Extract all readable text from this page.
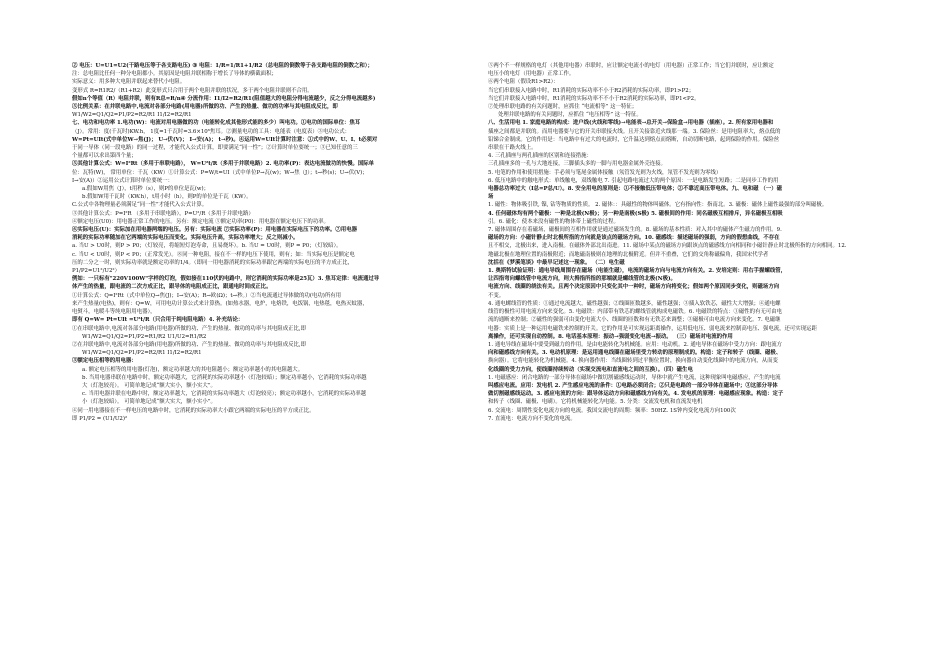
② 电压：U=U1=U2(干路电压等于各支路电压) ③ 电阻：1/R=1/R1+1/R2（总电阻的倒数等于各支路电阻的倒数之和）；
注：总电阻比任何一种分电阻都小。其原因是电阻并联相称于增长了导体的横截面积；
实际意义：用多种大电阻并联起来替代小电阻。
变形式 R=R1R2/（R1+R2）此变形式只合用于两个电阻并联的状况，多于两个电阻并联则不合用。
假如n个等值（R）电阻并联，则有R总=R/n④ 分流作用：I1/I2=R2/R1(阻值越大的电阻分得电流越少，反之分得电流越多)
⑤比例关系：在并联电路中,电流对各部分电路(用电器)所做的功、产生的热量、做功的功率与其电阻成反比，即
W1/W2=Q1/Q2=P1/P2=R2/R1 I1/I2=R2/R1
七、电功和电功率 1.电功(W)：电流对用电器做的功（电能转化成其他形式能的多少）叫电功。①电功的国际单位：焦耳
（J）。常用：度(千瓦时)KW.h， 1度=1千瓦时=3.6×10⁶焦耳。②测量电功的工具：电能表（电度表）③电功公式：
W=Pt=UIt(式中单位W→焦(J)； U→伏(V)； I→安(A)； t→秒)。④运用W=UIt计算时注意：①式中的W、U、I、t必须对
于同一导体（同一段电路）的同一过程，才能代入公式计算，即要满足“同一性”；②计算时单位要统一；③已知任意的三
个量都可以求出第四个量；
⑤其他计算公式：W=I²Rt（多用于串联电路）， W=U²t/R（多用于并联电路）2. 电功率(P)：表达电流做功的快慢。国际单
位：瓦特(W)， 常用单位：千瓦（KW）①计算公式：P=W/t=UI（式中单位P→瓦(w)；W→焦（J）；t→秒(s)；U→伏(V)；
I→安(A)）②运用公式计算时单位要统一：
a.假如W用焦（J），t用秒（s），则P的单位是瓦(w)；
b.假如W用千瓦时（KW.h），t用小时（h），则P的单位是千瓦（KW）。
C.公式中各物理量必须满足“同一性”才能代入公式计算。
③其他计算公式：P=I²R （多用于串联电路），P=U²/R（多用于并联电路）
④额定电压(U0)：用电器正常工作的电压。另有：额定电流 ⑤额定功率(P0)：用电器在额定电压下的功率。
⑥实际电压(U)：实际加在用电器两端的电压。另有：实际电流 ⑦实际功率(P)：用电器在实际电压下的功率。⑦用电器
消耗的实际功率随加在它两端的实际电压而变化。实际电压升高，实际功率增大；反之则减小。
a. 当U > U0时，则P > P0；（灯较亮，将缩短灯泡寿命，且易烧坏）。b. 当U = U0时，则P = P0；（灯较暗）。
c. 当U < U0时，则P < P0；（正常发光）。⑧同一种电阻，接在不一样的电压下使用，则有；如：当实际电压是额定电
压的二分之一时，则实际功率就是额定功率的1/4。（即同一用电器消耗的实际功率跟它两端的实际电压的平方成正比，
P1/P2=U1²/U2²）
例如：一只标有"220V100W"字样的灯泡，假如接在110伏的电路中，则它消耗的实际功率是25瓦）3. 焦耳定律：电流通过导
体产生的热量，跟电流的二次方成正比，跟导体的电阻成正比，跟通电时间成正比。
①计算公式：Q=I²Rt（式中单位Q→焦(J)；I→安(A)；R→欧(Ω)；t→秒。）②当电流通过导体做的功(电功)所有用
来产生热量(电热)，则有：Q=W，可用电功计算公式来计算热。(如热水器，电炉，电烙铁，电饭锅，电热毯，电热灭蚊器，
电熨斗，电暖斗等纯电阻用电器），
即有 Q=W= Pt=UIt =U²t/R（只合用于纯电阻电路）4. 补充结论：
①在串联电路中,电流对各部分电路(用电器)所做的功、产生的热量、做功的功率与其电阻成正比,即
W1/W2=Q1/Q2=P1/P2=R1/R2 U1/U2=R1/R2
②在并联电路中,电流对各部分电路(用电器)所做的功、产生的热量、做功的功率与其电阻成反比,即
W1/W2=Q1/Q2=P1/P2=R2/R1 I1/I2=R2/R1
③额定电压相等的用电器：
a. 额定电压相等的用电器(灯泡)，额定功率越大的其电阻越小；额定功率越小的其电阻越大。
b. 当用电器串联在电路中时，额定功率越大，它消耗的实际功率越小（灯泡较暗）；额定功率越小，它消耗的实际功率越
大（灯泡较亮）。 可简单地记成“额大实小，额小实大”。
c. 当用电器并联在电路中时，额定功率越大，它消耗的实际功率越大（灯泡较亮）；额定功率越小，它消耗的实际功率越
小（灯泡较暗）。 可简单地记成“额大实大，额小实小”。
④同一用电器接在不一样电压的电路中时，它消耗的实际功率大小跟它两端的实际电压的平方成正比。
即 P1/P2 = (U1/U2)²
⑤两个不一样规格的电灯（其他用电器）串联时，应让额定电流小的电灯（用电器）正常工作；当它们并联时，应让额定
电压小的电灯（用电器）正常工作。
⑥两个电阻（假设R1>R2）：
当它们串联接入电路中时，R1消耗的实际功率不小于R2消耗的实际功率，即P1>P2；
当它们并联接入电路中时，R1消耗的实际功率不不小于R2消耗的实际功率，即P1<P2。
⑦处理串联电路的有关问题时，应抓住 “电流相等” 这一特征；
处理并联电路的有关问题时，应抓住 “电压相等” 这一特征。
八、生活用电 1. 家庭电路的构成：进户线(火线和零线)→电能表→总开关→保险盒→用电器（插座）。2. 所有家用电器和
插座之间都是并联的。而用电器要与它的开关串联接火线。且开关接靠近火线那一端。3. 保险丝：是用电阻率大，熔点低的
铅锑合金制成。它的作用是：当电路中有过大的电流时，它升温达到熔点而熔断，自动切断电路，起到保险的作用。保险丝
串联在干路火线上。
4. 三孔插座与两孔插座的区别和连接措施：
三孔插座多的一孔与大地连接，三脚插头多的一脚与用电器金属外壳连接。
5. 电笔的作用和使用措施：手必须与笔尾金属体接触（氖管发光则为火线，氖管不发光则为零线）
6. 低压电路中的触电形式：单线触电，双线触电 7. 引起电路电流过大的两个原因：一是电路发生短路；二是同步工作的用
电器总功率过大（I总=P总/U）。8. 安全用电的原则是：①不接触低压带电体；②不靠近高压带电体。九、电和磁 （一）磁
场
1. 磁性：物体吸引铁, 镍, 钴等物质的性质。 2. 磁体：：具磁性的物体叫磁体。它有指向性：指南北。3. 磁极：磁体上磁性最强的部分叫磁极。
4. 任何磁体均有两个磁极：一种是北极(N极)；另一种是南极(S极) 5. 磁极间的作用：同名磁极互相排斥，异名磁极互相吸
引。6. 磁化：使本来没有磁性的物体带上磁性的过程。
7. 磁体周围存在着磁场，磁极间的互相作用就是通过磁场发生的。8. 磁场的基本性质：对入其中的磁体产生磁力的作用。9.
磁场的方向：小磁针静止时北极所指的方向就是该点的磁场方向。10. 磁感线：描述磁场的强弱，方向的假想曲线，不存在
且不相交，北极出来，进入南极。在磁体外部北出南进。11. 磁场中某点的磁场方向跟该点的磁感线方向相同和小磁针静止时北极所指的方向相同。12.
地磁北极在地理位置的南极附近；而地磁南极则在地理的北极附近。但并不重叠，它们的交角称磁偏角，我国宋代学者
沈括在《梦溪笔谈》中最早记述这一现象。 （二）电生磁
1. 奥斯特试验证明：通电导线周围存在磁场（电能生磁），电流的磁场方向与电流方向有关。2. 安培定则：用右手握螺线管，
让四指弯向螺线管中电流方向，则大拇指所指的那端就是螺线管的北极(N极)。
电流方向、线圈的绕法有关。且两个决定原因中只变化其中一种时，磁场方向将变化；假如两个原因同步变化，则磁场方向
不变。
4. 通电螺线管的性质：①通过电流越大，磁性越强；②线圈匝数越多，磁性越强；③插入软铁芯，磁性大大增强；④通电螺
线管的极性可用电流方向来变化。5. 电磁铁：内部带有铁芯的螺线管就构成电磁铁。6. 电磁铁的特点：①磁性的有无可由电
流的通断来控制；②磁性的强弱可由变化电流大小、线圈的匝数和有无铁芯来调整；③磁极可由电流方向来变化。7. 电磁继
电器：实质上是一种运用电磁铁来控制的开关。它的作用是可实现远距离操作，运用低电压、弱电流来控制高电压、强电流，还可实现运距
离操作，还可实现自动控制。8. 电话基本原理：振动→强弱变化电流→振动。 （三）磁场对电流的作用
1. 通电导线在磁场中要受到磁力的作用。是由电能转化为机械能。应用：电动机。2. 通电导体在磁场中受力方向：跟电流方
向和磁感线方向有关。3. 电动机原理：是运用通电线圈在磁场里受力转动的原理制成的。构造：定子和转子（线圈、磁极、
换向器）。它将电能转化为机械能。4. 换向器作用：当线圈转到过平衡位置时，换向器自动变化线圈中的电流方向，从而变
化线圈的受力方向，使线圈持续转动（实现交流电和直流电之间的互换）。（四）磁生电
1. 电磁感应：闭合电路的一部分导体在磁场中做切割磁感线运动时，导体中就产生电流，这种现象叫电磁感应，产生的电流
叫感应电流。应用：发电机 2. 产生感应电流的条件：①电路必须闭合；②只是电路的一部分导体在磁场中；③这部分导体
做切割磁感线运动。3. 感应电流的方向：跟导体运动方向和磁感线方向有关。4. 发电机的原理：电磁感应现象。构造：定子
和转子（线圈、磁极、电刷）。它将机械能转化为电能。5. 分类：交流发电机和直流发电机
6. 交流电：周期性变化电流方向的电流。我国交流电的周期：频率：50HZ. 1S钟内变化电流方向100次
7. 直流电：电流方向不变化的电流。
